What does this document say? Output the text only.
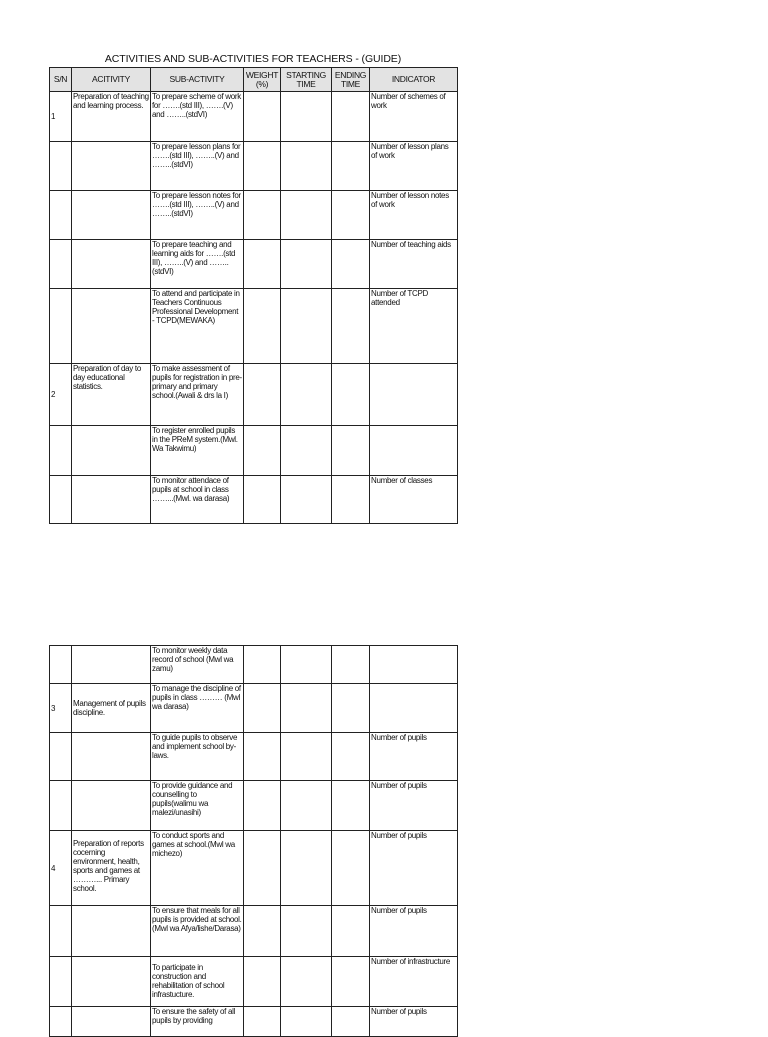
ACTIVITIES AND SUB-ACTIVITIES FOR TEACHERS - (GUIDE)
S/N	ACITIVITY	SUB-ACTIVITY	WEIGHT (%)	STARTING TIME	ENDING TIME	INDICATOR
1	Preparation of teaching and learning process.	To prepare scheme of work for …….(std III), …….(V) and ……..(stdVI)				Number of schemes of work
		To prepare lesson plans for …….(std III), ……..(V) and ……..(stdVI)				Number of lesson plans of work
		To prepare lesson notes for …….(std III), ……..(V) and ……..(stdVI)				Number of lesson notes of work
		To prepare teaching and learning aids for …….(std III), ……..(V) and …….. (stdVI)				Number of teaching aids
		To attend and participate in Teachers Continuous Professional Development - TCPD(MEWAKA)				Number of TCPD attended
2	Preparation of day to day educational statistics.	To make assessment of pupils for registration in pre-primary and primary school.(Awali & drs la I)				
		To register enrolled pupils in the PReM system.(Mwl. Wa Takwimu)				
		To monitor attendace of pupils at school in class ……...(Mwl. wa darasa)				Number of classes
		To monitor weekly data record of school (Mwl wa zamu)				
3	Management of pupils discipline.	To manage the discipline of pupils in class ……… (Mwl wa darasa)				
		To guide pupils to observe and implement school by-laws.				Number of pupils
		To provide guidance and counselling to pupils(walimu wa malezi/unasihi)				Number of pupils
4	Preparation of reports cocerning environment, health, sports and games at ………... Primary school.	To conduct sports and games at school.(Mwl wa michezo)				Number of pupils
		To ensure that meals for all pupils is provided at school.(Mwl wa Afya/lishe/Darasa)				Number of pupils
		To participate in construction and rehabilitation of school infrastucture.				Number of infrastructure
		To ensure the safety of all pupils by providing				Number of pupils
